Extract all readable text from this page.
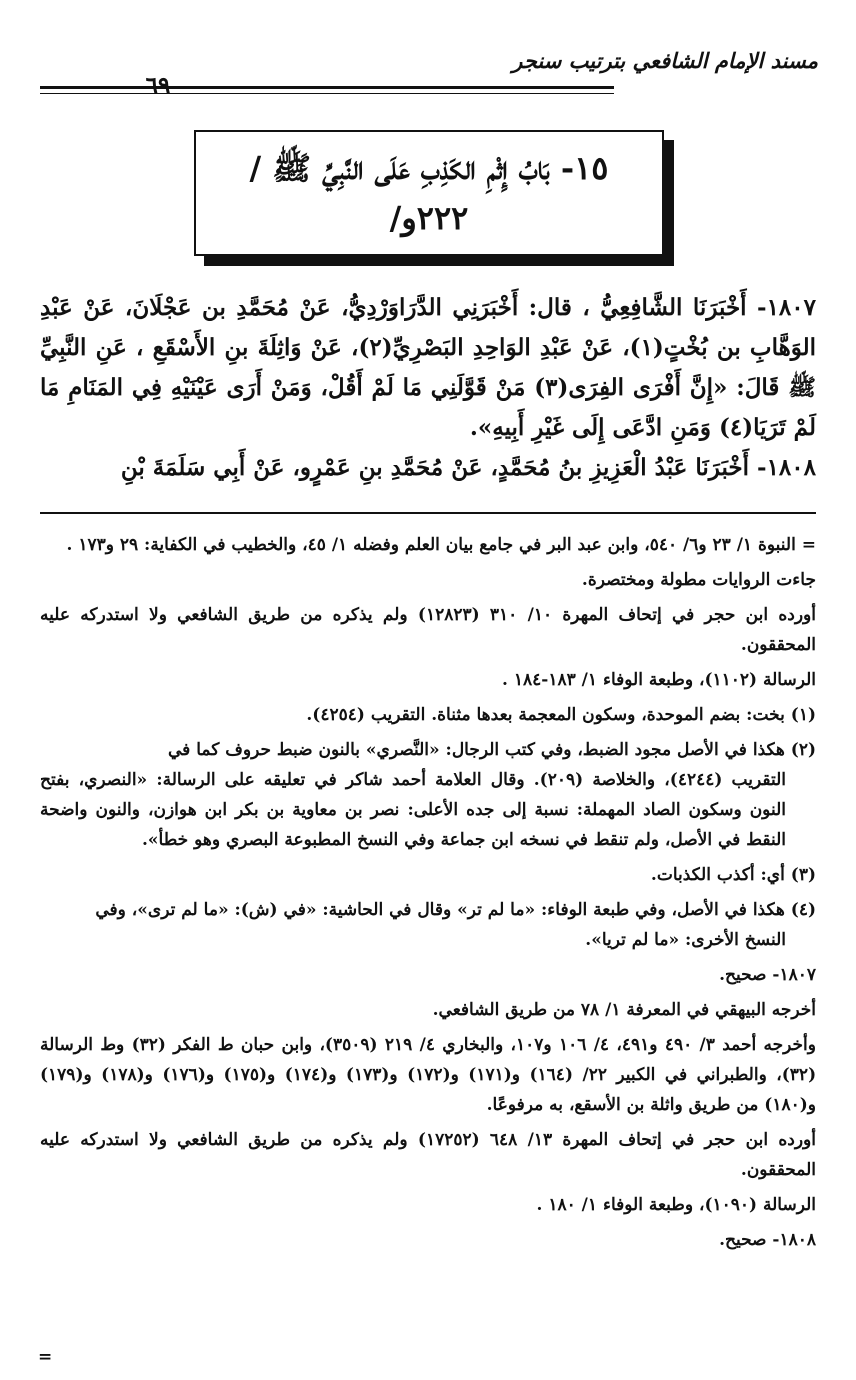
مسند الإمام الشافعي بترتيب سنجر
٦٩
١٥- بَابُ إِثْمِ الكَذِبِ عَلَى النَّبِيِّ ﷺ /
٢٢٢و/

١٨٠٧- أَخْبَرَنَا الشَّافِعِيُّ ، قال: أَخْبَرَنِي الدَّرَاوَرْدِيُّ، عَنْ مُحَمَّدِ بن عَجْلَانَ، عَنْ عَبْدِ الوَهَّابِ بن بُخْتٍ(١)، عَنْ عَبْدِ الوَاحِدِ البَصْرِيِّ(٢)، عَنْ وَاثِلَةَ بنِ الأَسْقَعِ ، عَنِ النَّبِيِّ ﷺ قَالَ: «إِنَّ أَفْرَى الفِرَى(٣) مَنْ قَوَّلَنِي مَا لَمْ أَقُلْ، وَمَنْ أَرَى عَيْنَيْهِ فِي المَنَامِ مَا لَمْ تَرَيَا(٤) وَمَنِ ادَّعَى إِلَى غَيْرِ أَبِيهِ».

١٨٠٨- أَخْبَرَنَا عَبْدُ الْعَزِيزِ بنُ مُحَمَّدٍ، عَنْ مُحَمَّدِ بنِ عَمْرٍو، عَنْ أَبِي سَلَمَةَ بْنِ

= النبوة ١/ ٢٣ و٦/ ٥٤٠، وابن عبد البر في جامع بيان العلم وفضله ١/ ٤٥، والخطيب في الكفاية: ٢٩ و١٧٣ .

جاءت الروايات مطولة ومختصرة.

أورده ابن حجر في إتحاف المهرة ١٠/ ٣١٠ (١٢٨٢٣) ولم يذكره من طريق الشافعي ولا استدركه عليه المحققون.

الرسالة (١١٠٢)، وطبعة الوفاء ١/ ١٨٣-١٨٤ .

(١) بخت: بضم الموحدة، وسكون المعجمة بعدها مثناة. التقريب (٤٢٥٤).

(٢) هكذا في الأصل مجود الضبط، وفي كتب الرجال: «النَّصري» بالنون ضبط حروف كما في

التقريب (٤٢٤٤)، والخلاصة (٢٠٩). وقال العلامة أحمد شاكر في تعليقه على الرسالة: «النصري، بفتح النون وسكون الصاد المهملة: نسبة إلى جده الأعلى: نصر بن معاوية بن بكر ابن هوازن، والنون واضحة النقط في الأصل، ولم تنقط في نسخه ابن جماعة وفي النسخ المطبوعة البصري وهو خطأ».

(٣) أي: أكذب الكذبات.

(٤) هكذا في الأصل، وفي طبعة الوفاء: «ما لم تر» وقال في الحاشية: «في (ش): «ما لم ترى»، وفي

النسخ الأخرى: «ما لم تريا».

١٨٠٧- صحيح.

أخرجه البيهقي في المعرفة ١/ ٧٨ من طريق الشافعي.

وأخرجه أحمد ٣/ ٤٩٠ و٤٩١، ٤/ ١٠٦ و١٠٧، والبخاري ٤/ ٢١٩ (٣٥٠٩)، وابن حبان ط الفكر (٣٢) وط الرسالة (٣٢)، والطبراني في الكبير ٢٢/ (١٦٤) و(١٧١) و(١٧٢) و(١٧٣) و(١٧٤) و(١٧٥) و(١٧٦) و(١٧٨) و(١٧٩) و(١٨٠) من طريق واثلة بن الأسقع، به مرفوعًا.

أورده ابن حجر في إتحاف المهرة ١٣/ ٦٤٨ (١٧٢٥٢) ولم يذكره من طريق الشافعي ولا استدركه عليه المحققون.

الرسالة (١٠٩٠)، وطبعة الوفاء ١/ ١٨٠ .

١٨٠٨- صحيح.

=
